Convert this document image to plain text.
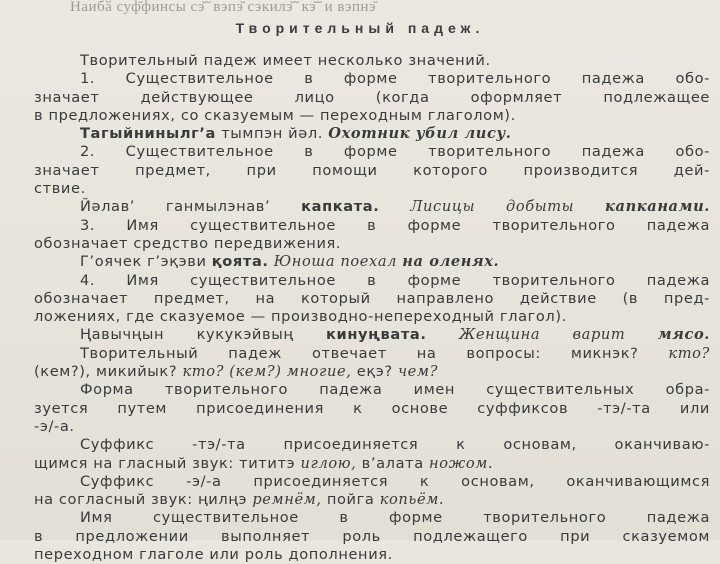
Наибӑ суф̆финсы сэ̆ ̆ вэпэ̆ сэкилэ̆ ̆ кэ̆ ̆ и вэпнэ̆
Творительный падеж.
Творительный падеж имеет несколько значений.
1. Существительное в форме творительного падежа обо-
значает действующее лицо (когда оформляет подлежащее
в предложениях, со сказуемым — переходным глаголом).
Тагыйнинылг’а тымпэн йəл. Охотник убил лису.
2. Существительное в форме творительного падежа обо-
значает предмет, при помощи которого производится дей-
ствие.
Йəлав’ ганмылэнав’ капката. Лисицы добыты капканами.
3. Имя существительное в форме творительного падежа
обозначает средство передвижения.
Г’оячек г’эқэви қоята. Юноша поехал на оленях.
4. Имя существительное в форме творительного падежа
обозначает предмет, на который направлено действие (в пред-
ложениях, где сказуемое — производно-непереходный глагол).
Ңавычңын кукукэйвың кинуңвата. Женщина варит мясо.
Творительный падеж отвечает на вопросы: микнэк? кто?
(кем?), микийык? кто? (кем?) многие, еқэ? чем?
Форма творительного падежа имен существительных обра-
зуется путем присоединения к основе суффиксов -тэ/-та или
-э/-а.
Суффикс -тэ/-та присоединяется к основам, оканчиваю-
щимся на гласный звук: тититэ иглою, в’алата ножом.
Суффикс -э/-а присоединяется к основам, оканчивающимся
на согласный звук: ңилңэ ремнём, пойга копьём.
Имя существительное в форме творительного падежа
в предложении выполняет роль подлежащего при сказуемом
переходном глаголе или роль дополнения.
